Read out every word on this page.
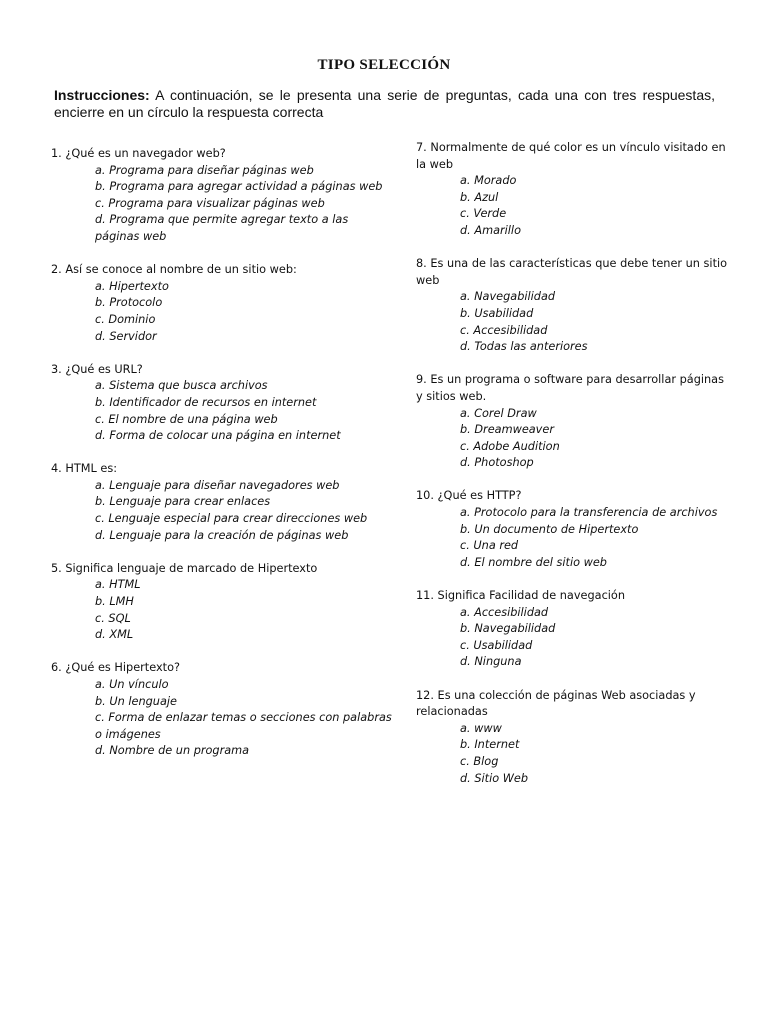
TIPO SELECCIÓN
Instrucciones: A continuación, se le presenta una serie de preguntas, cada una con tres respuestas, encierre en un círculo la respuesta correcta

1. ¿Qué es un navegador web?

a. Programa para diseñar páginas web
b. Programa para agregar actividad a páginas web
c. Programa para visualizar páginas web
d. Programa que permite agregar texto a las páginas web

2. Así se conoce al nombre de un sitio web:

a. Hipertexto
b. Protocolo
c. Dominio
d. Servidor

3. ¿Qué es URL?

a. Sistema que busca archivos
b. Identificador de recursos en internet
c. El nombre de una página web
d. Forma de colocar una página en internet

4. HTML es:

a. Lenguaje para diseñar navegadores web
b. Lenguaje para crear enlaces
c. Lenguaje especial para crear direcciones web
d. Lenguaje para la creación de páginas web

5. Significa lenguaje de marcado de Hipertexto

a. HTML
b. LMH
c. SQL
d. XML

6. ¿Qué es Hipertexto?

a. Un vínculo
b. Un lenguaje
c. Forma de enlazar temas o secciones con palabras o imágenes
d. Nombre de un programa

7. Normalmente de qué color es un vínculo visitado en la web

a. Morado
b. Azul
c. Verde
d. Amarillo

8. Es una de las características que debe tener un sitio web

a. Navegabilidad
b. Usabilidad
c. Accesibilidad
d. Todas las anteriores

9. Es un programa o software para desarrollar páginas y sitios web.

a. Corel Draw
b. Dreamweaver
c. Adobe Audition
d. Photoshop

10. ¿Qué es HTTP?

a. Protocolo para la transferencia de archivos
b. Un documento de Hipertexto
c. Una red
d. El nombre del sitio web

11. Significa Facilidad de navegación

a. Accesibilidad
b. Navegabilidad
c. Usabilidad
d. Ninguna

12. Es una colección de páginas Web asociadas y relacionadas

a. www
b. Internet
c. Blog
d. Sitio Web
